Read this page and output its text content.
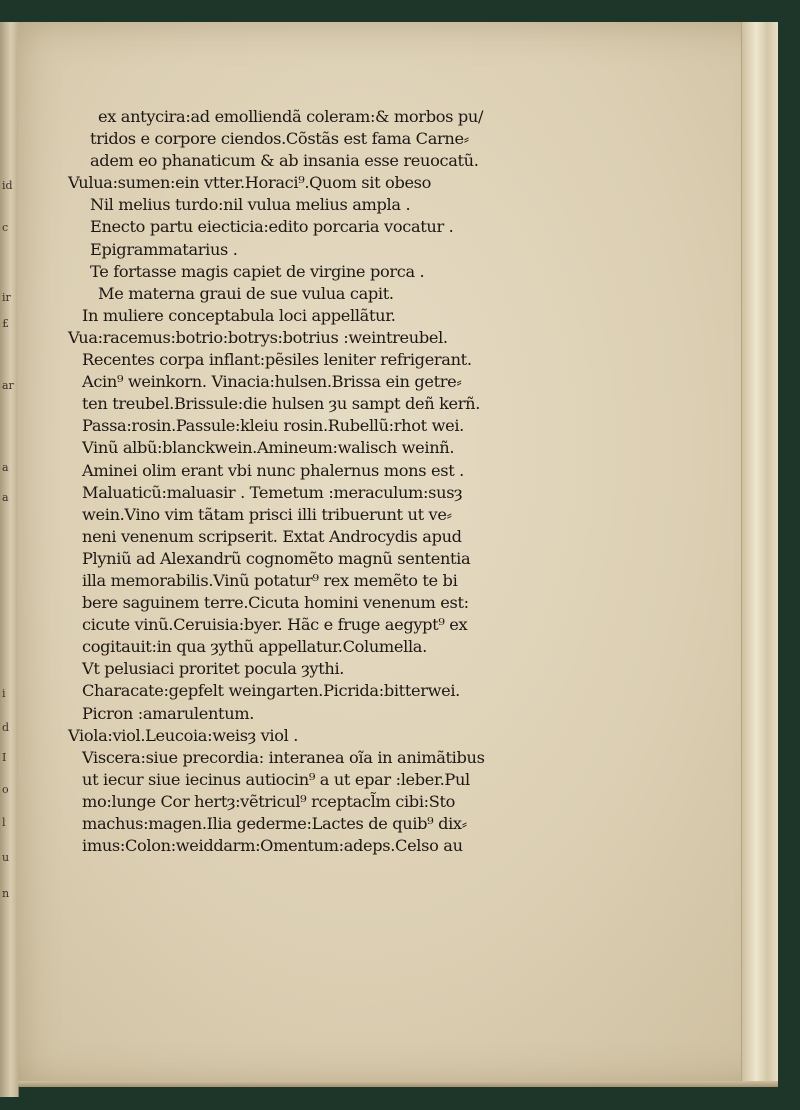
id
ir
ar
a
a
£
c
i
d
I
o
l
u
n
ex antycira:ad emolliendã coleram:& morbos pu/
tridos e corpore ciendos.Cõstãs est fama Carne⸗
adem eo phanaticum & ab insania esse reuocatũ.
Vulua:sumen:ein vtter.Horaci⁹.Quom sit obeso
Nil melius turdo:nil vulua melius ampla .
Enecto partu eiecticia:edito porcaria vocatur .
Epigrammatarius .
Te fortasse magis capiet de virgine porca .
Me materna graui de sue vulua capit.
In muliere conceptabula loci appellãtur.
Vua:racemus:botrio:botrys:botrius :weintreubel.
Recentes corpa inflant:pẽsiles leniter refrigerant.
Acin⁹ weinkorn. Vinacia:hulsen.Brissa ein getre⸗
ten treubel.Brissule:die hulsen ȝu sampt deñ kerñ.
Passa:rosin.Passule:kleiu rosin.Rubellũ:rhot wei.
Vinũ albũ:blanckwein.Amineum:walisch weinñ.
Aminei olim erant vbi nunc phalernus mons est .
Maluaticũ:maluasir . Temetum :meraculum:susȝ
wein.Vino vim tãtam prisci illi tribuerunt ut ve⸗
neni venenum scripserit. Extat Androcydis apud
Plyniũ ad Alexandrũ cognomẽto magnũ sententia
illa memorabilis.Vinũ potatur⁹ rex memẽto te bi
bere saguinem terre.Cicuta homini venenum est:
cicute vinũ.Ceruisia:byer. Hãc e fruge aegypt⁹ ex
cogitauit:in qua ȝythũ appellatur.Columella.
Vt pelusiaci proritet pocula ȝythi.
Characate:gepfelt weingarten.Picrida:bitterwei.
Picron :amarulentum.
Viola:viol.Leucoia:weisȝ viol .
Viscera:siue precordia: interanea oĩa in animãtibus
ut iecur siue iecinus autiocin⁹ a ut epar :leber.Pul
mo:lunge Cor hertȝ:vẽtricul⁹ rceptacl̃m cibi:Sto
machus:magen.Ilia gederme:Lactes de quib⁹ dix⸗
imus:Colon:weiddarm:Omentum:adeps.Celso au
